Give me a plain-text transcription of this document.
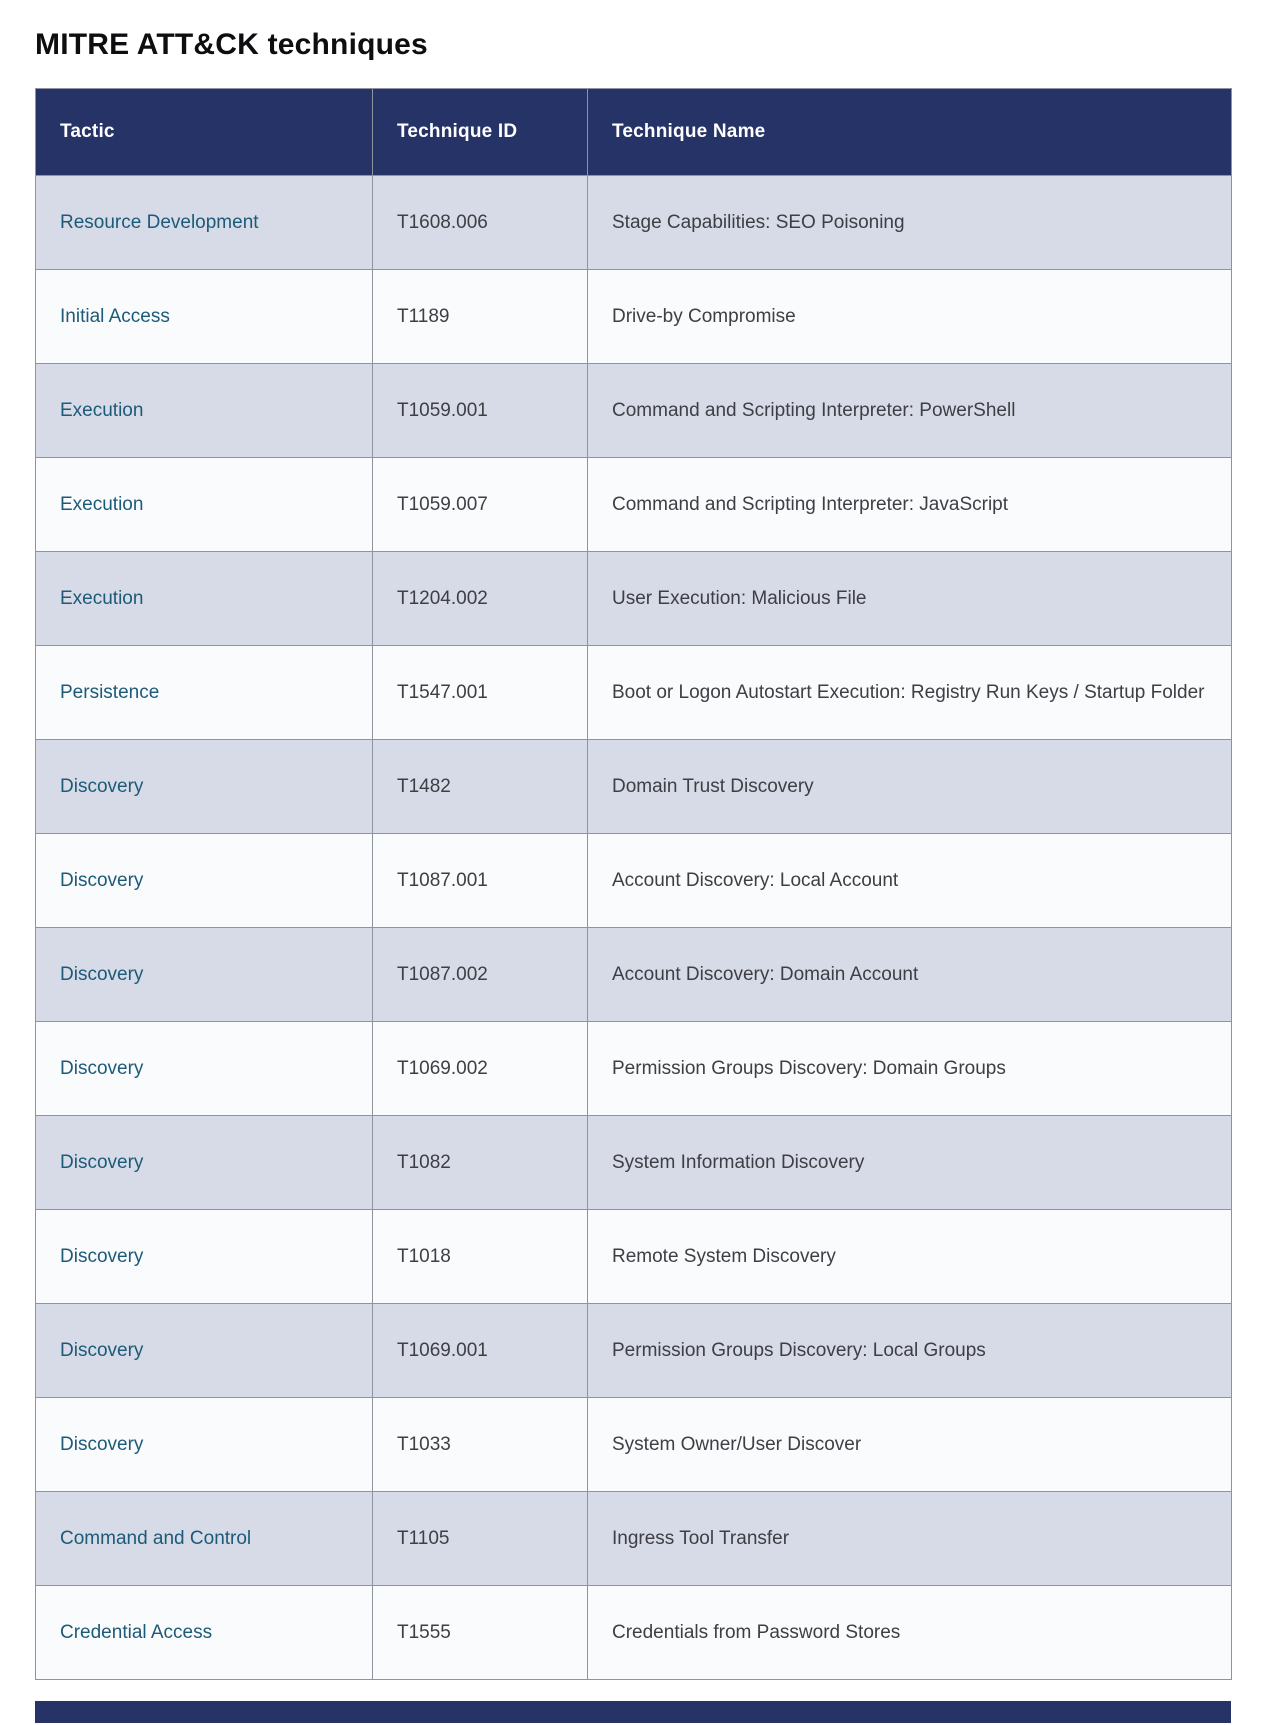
MITRE ATT&CK techniques
Tactic	Technique ID	Technique Name
Resource Development	T1608.006	Stage Capabilities: SEO Poisoning
Initial Access	T1189	Drive-by Compromise
Execution	T1059.001	Command and Scripting Interpreter: PowerShell
Execution	T1059.007	Command and Scripting Interpreter: JavaScript
Execution	T1204.002	User Execution: Malicious File
Persistence	T1547.001	Boot or Logon Autostart Execution: Registry Run Keys / Startup Folder
Discovery	T1482	Domain Trust Discovery
Discovery	T1087.001	Account Discovery: Local Account
Discovery	T1087.002	Account Discovery: Domain Account
Discovery	T1069.002	Permission Groups Discovery: Domain Groups
Discovery	T1082	System Information Discovery
Discovery	T1018	Remote System Discovery
Discovery	T1069.001	Permission Groups Discovery: Local Groups
Discovery	T1033	System Owner/User Discover
Command and Control	T1105	Ingress Tool Transfer
Credential Access	T1555	Credentials from Password Stores
